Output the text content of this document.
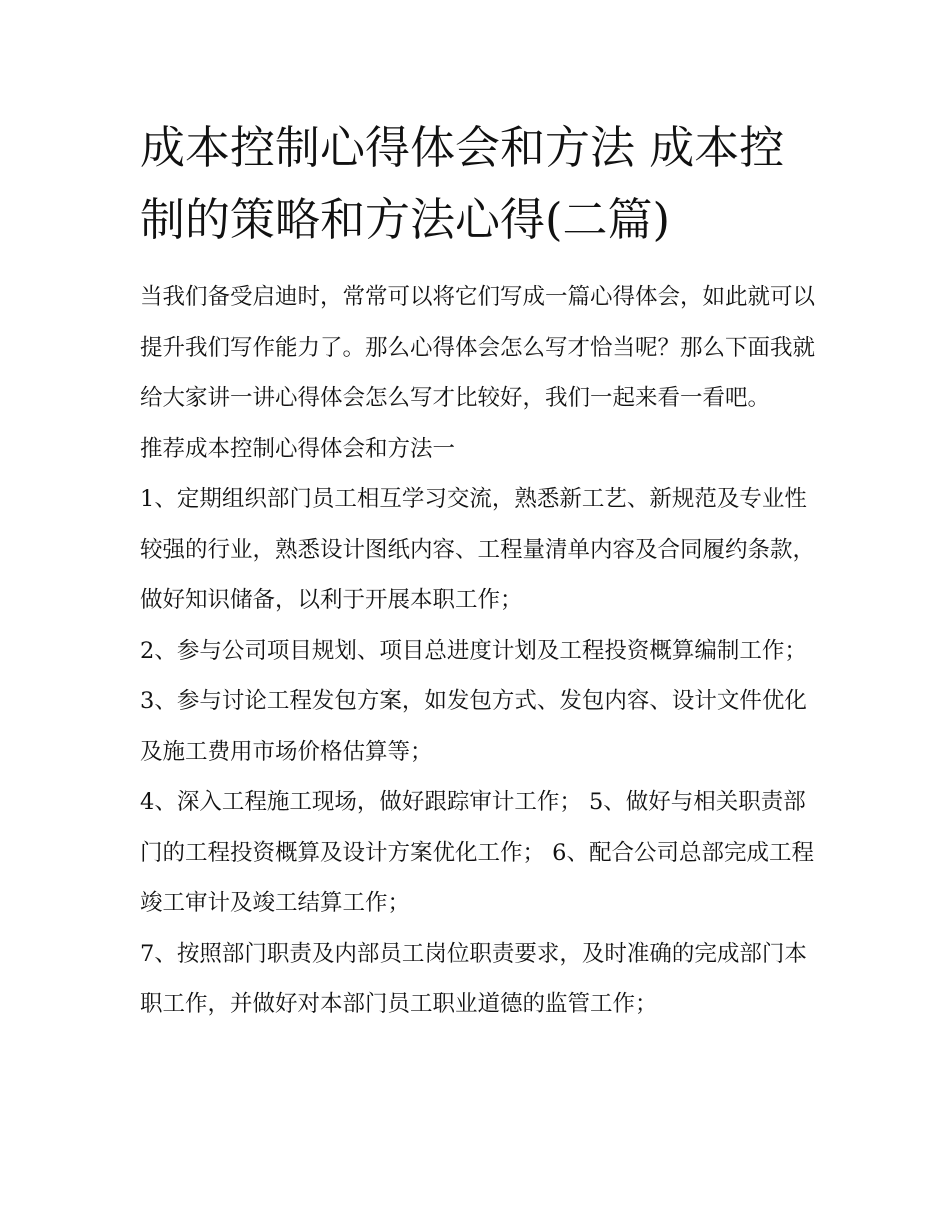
成本控制心得体会和方法 成本控制的策略和方法心得(二篇)

当我们备受启迪时，常常可以将它们写成一篇心得体会，如此就可以提升我们写作能力了。那么心得体会怎么写才恰当呢？那么下面我就给大家讲一讲心得体会怎么写才比较好，我们一起来看一看吧。

推荐成本控制心得体会和方法一

1、定期组织部门员工相互学习交流，熟悉新工艺、新规范及专业性较强的行业，熟悉设计图纸内容、工程量清单内容及合同履约条款，做好知识储备，以利于开展本职工作；

2、参与公司项目规划、项目总进度计划及工程投资概算编制工作； 3、参与讨论工程发包方案，如发包方式、发包内容、设计文件优化及施工费用市场价格估算等；

4、深入工程施工现场，做好跟踪审计工作； 5、做好与相关职责部门的工程投资概算及设计方案优化工作； 6、配合公司总部完成工程竣工审计及竣工结算工作；

7、按照部门职责及内部员工岗位职责要求，及时准确的完成部门本职工作，并做好对本部门员工职业道德的监管工作；
